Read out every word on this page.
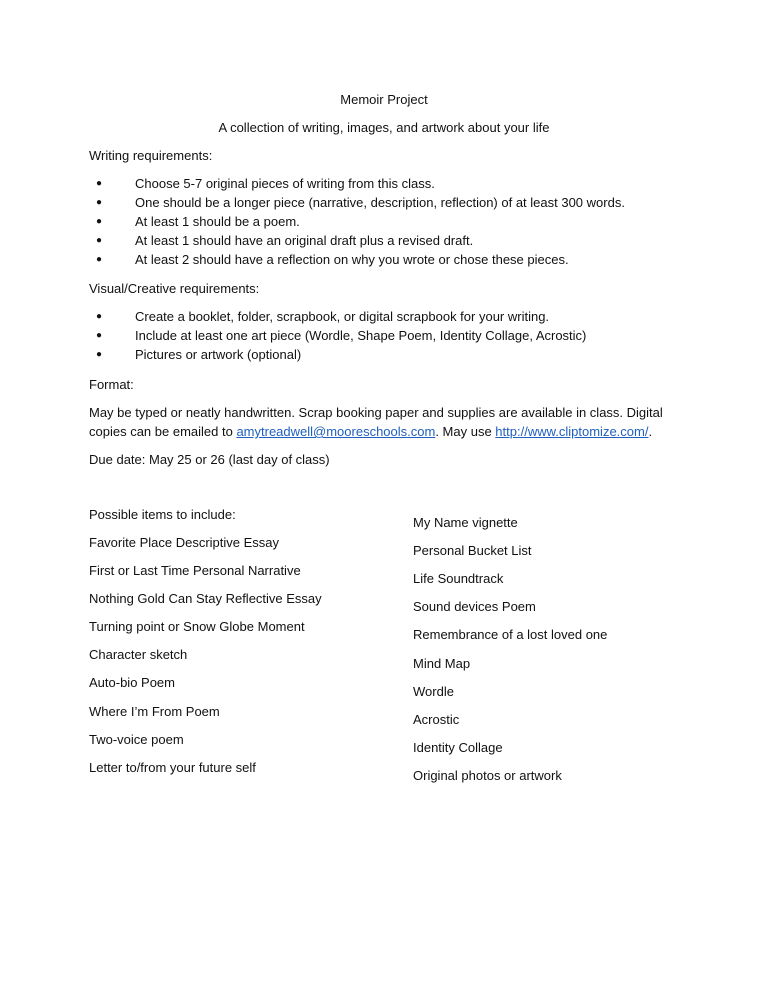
Memoir Project
A collection of writing, images, and artwork about your life
Writing requirements:
●	Choose 5-7 original pieces of writing from this class.
●	One should be a longer piece (narrative, description, reflection) of at least 300 words.
●	At least 1 should be a poem.
●	At least 1 should have an original draft plus a revised draft.
●	At least 2 should have a reflection on why you wrote or chose these pieces.
Visual/Creative requirements:
●	Create a booklet, folder, scrapbook, or digital scrapbook for your writing.
●	Include at least one art piece (Wordle, Shape Poem, Identity Collage, Acrostic)
●	Pictures or artwork (optional)
Format:
May be typed or neatly handwritten. Scrap booking paper and supplies are available in class. Digital
copies can be emailed to amytreadwell@mooreschools.com. May use http://www.cliptomize.com/.
Due date: May 25 or 26 (last day of class)
Possible items to include:
Favorite Place Descriptive Essay
First or Last Time Personal Narrative
Nothing Gold Can Stay Reflective Essay
Turning point or Snow Globe Moment
Character sketch
Auto-bio Poem
Where I’m From Poem
Two-voice poem
Letter to/from your future self
My Name vignette
Personal Bucket List
Life Soundtrack
Sound devices Poem
Remembrance of a lost loved one
Mind Map
Wordle
Acrostic
Identity Collage
Original photos or artwork
